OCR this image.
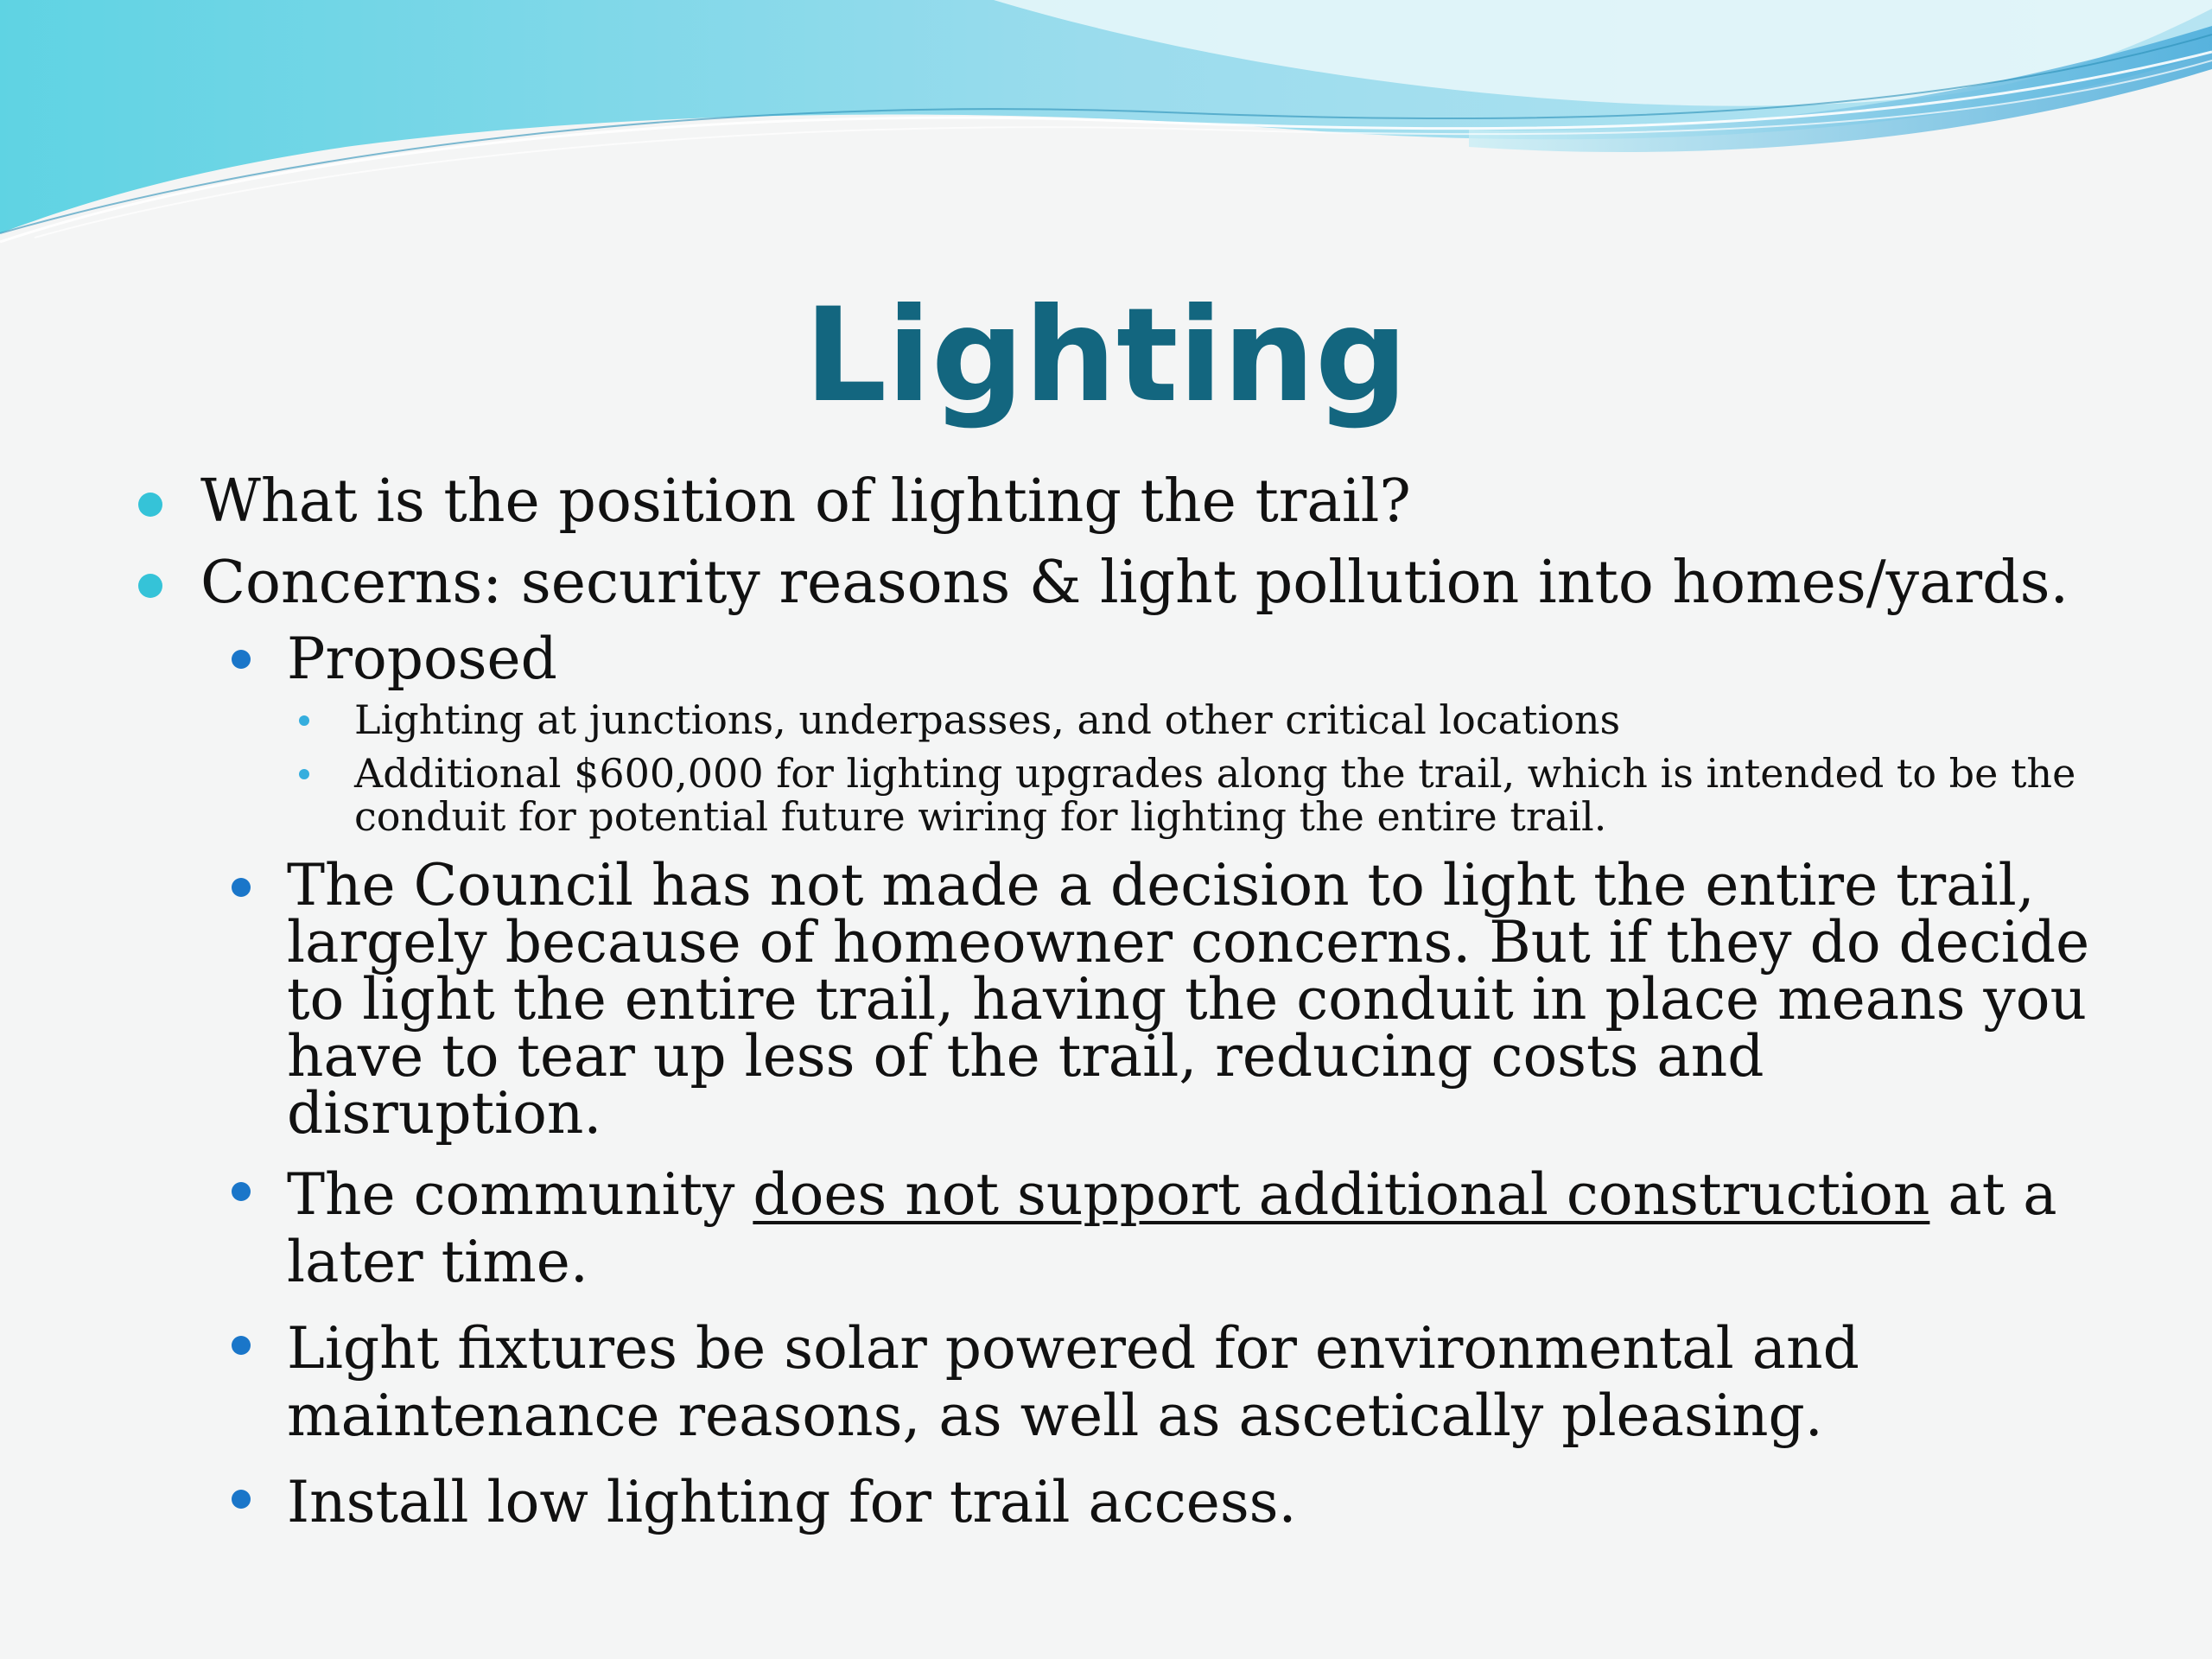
Lighting
What is the position of lighting the trail?
Concerns: security reasons & light pollution into homes/yards.
Proposed
Lighting at junctions, underpasses, and other critical locations
Additional $600,000 for lighting upgrades along the trail, which is intended to be the conduit for potential future wiring for lighting the entire trail.
The Council has not made a decision to light the entire trail, largely because of homeowner concerns. But if they do decide to light the entire trail, having the conduit in place means you have to tear up less of the trail, reducing costs and disruption.
The community does not support additional construction at a later time.
Light fixtures be solar powered for environmental and maintenance reasons, as well as ascetically pleasing.
Install low lighting for trail access.
